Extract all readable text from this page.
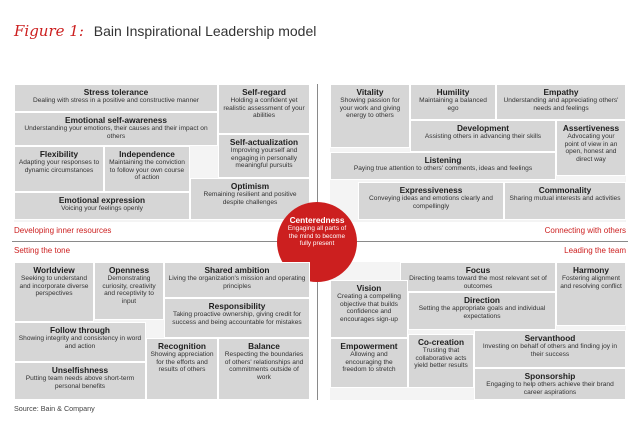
Figure 1: Bain Inspirational Leadership model
Stress tolerance
Dealing with stress in a positive and constructive manner
Self-regard
Holding a confident yet realistic assessment of your abilities
Emotional self-awareness
Understanding your emotions, their causes and their impact on others
Self-actualization
Improving yourself and engaging in personally meaningful pursuits
Flexibility
Adapting your responses to dynamic circumstances
Independence
Maintaining the conviction to follow your own course of action
Optimism
Remaining resilient and positive despite challenges
Emotional expression
Voicing your feelings openly
Vitality
Showing passion for your work and giving energy to others
Humility
Maintaining a balanced ego
Empathy
Understanding and appreciating others' needs and feelings
Development
Assisting others in advancing their skills
Assertiveness
Advocating your point of view in an open, honest and direct way
Listening
Paying true attention to others' comments, ideas and feelings
Expressiveness
Conveying ideas and emotions clearly and compellingly
Commonality
Sharing mutual interests and activities
Developing inner resources	Connecting with others
Setting the tone	Leading the team
Centeredness
Engaging all parts of the mind to become fully present
Worldview
Seeking to understand and incorporate diverse perspectives
Openness
Demonstrating curiosity, creativity and receptivity to input
Shared ambition
Living the organization's mission and operating principles
Responsibility
Taking proactive ownership, giving credit for success and being accountable for mistakes
Follow through
Showing integrity and consistency in word and action	Recognition
Showing appreciation for the efforts and results of others
Balance
Respecting the boundaries of others' relationships and commitments outside of work
Unselfishness
Putting team needs above short-term personal benefits
Focus
Directing teams toward the most relevant set of outcomes
Harmony
Fostering alignment and resolving conflict
Vision
Creating a compelling objective that builds confidence and encourages sign-up
Direction
Setting the appropriate goals and individual expectations
Servanthood
Investing on behalf of others and finding joy in their success
Empowerment
Allowing and encouraging the freedom to stretch
Co-creation
Trusting that collaborative acts yield better results
Sponsorship
Engaging to help others achieve their brand career aspirations
Source: Bain & Company
